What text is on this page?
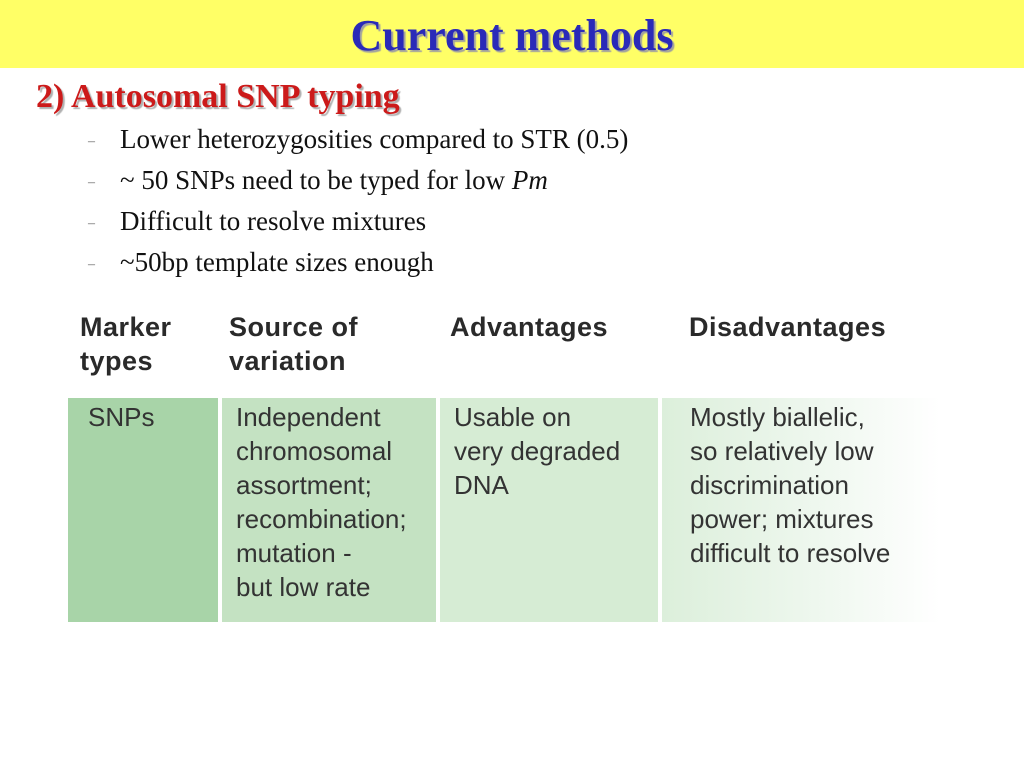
Current methods
2) Autosomal SNP typing
– Lower heterozygosities compared to STR (0.5)
– ~ 50 SNPs need to be typed for low Pm
– Difficult to resolve mixtures
– ~50bp template sizes enough
Marker
types
Source of
variation
Advantages	Disadvantages
SNPs	Independent
chromosomal
assortment;
recombination;
mutation -
but low rate
Usable on
very degraded
DNA
Mostly biallelic,
so relatively low
discrimination
power; mixtures
difficult to resolve
